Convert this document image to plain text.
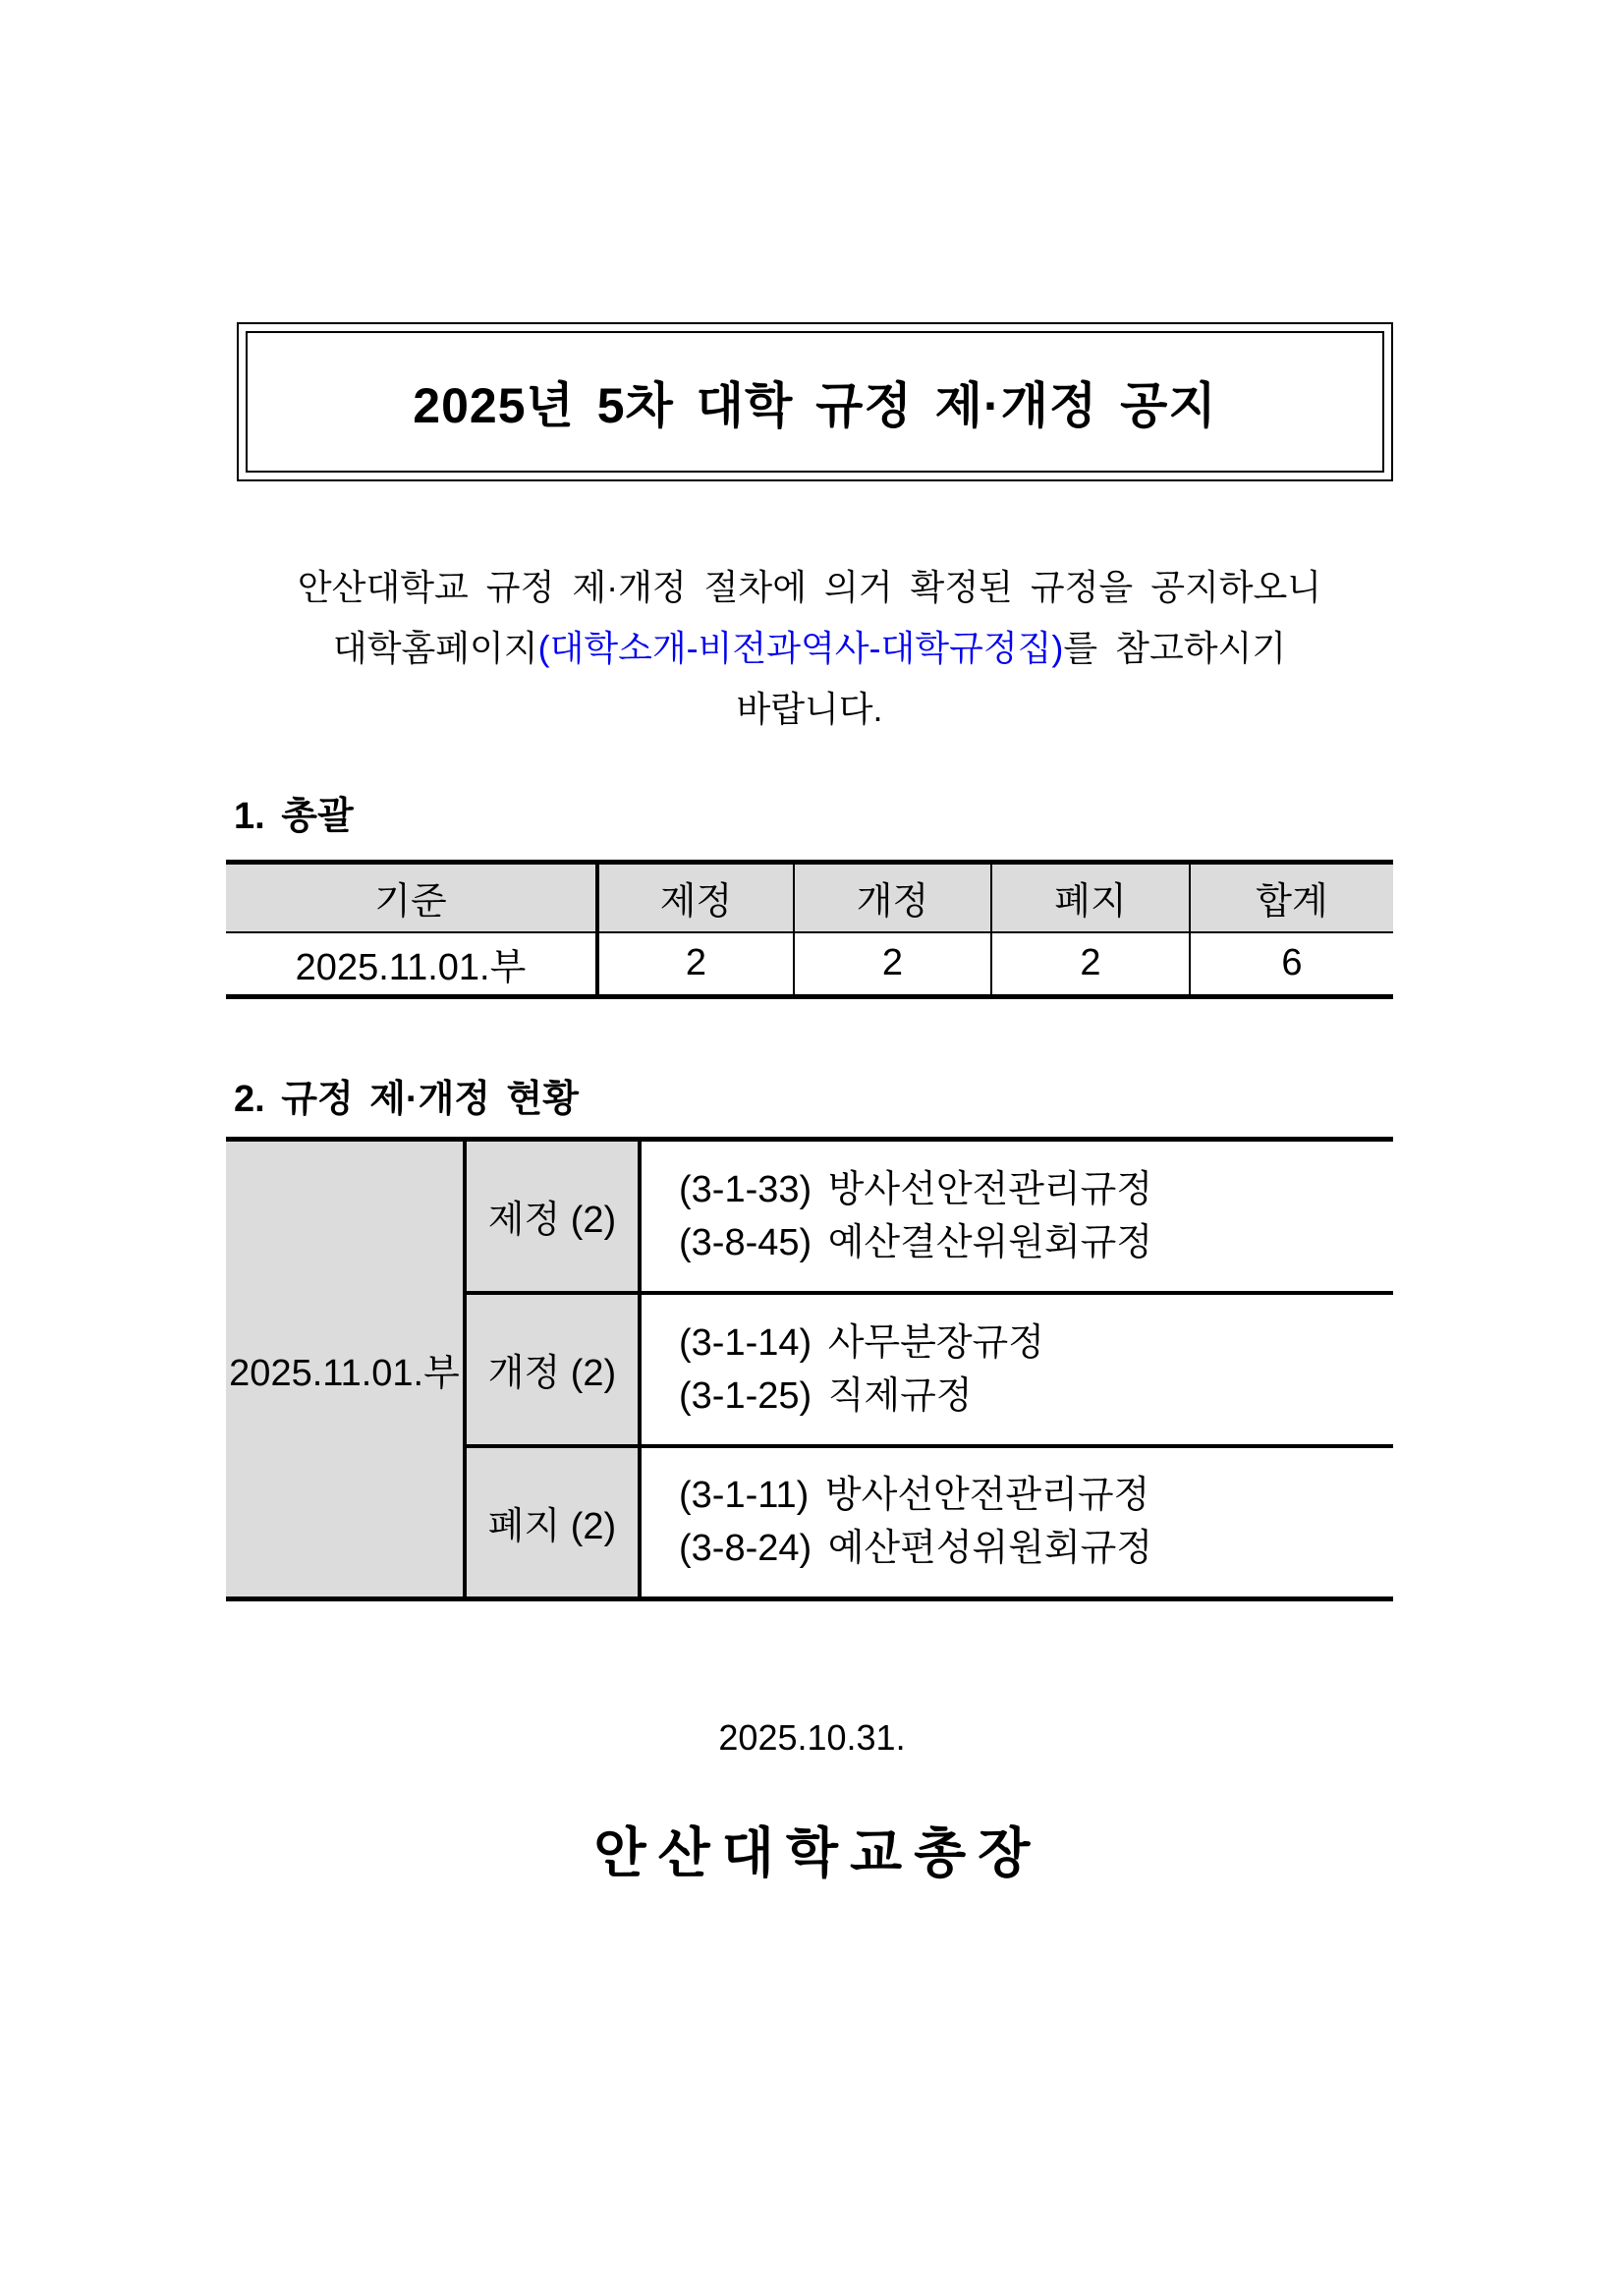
2025년 5차 대학 규정 제·개정 공지
안산대학교 규정 제·개정 절차에 의거 확정된 규정을 공지하오니
대학홈페이지(대학소개-비전과역사-대학규정집)를 참고하시기
바랍니다.
1. 총괄
기준	제정	개정	폐지	합계
2025.11.01.부	2	2	2	6
2. 규정 제·개정 현황
2025.11.01.부	제정 (2)	(3-1-33) 방사선안전관리규정
(3-8-45) 예산결산위원회규정

	개정 (2)	(3-1-14) 사무분장규정
(3-1-25) 직제규정

	폐지 (2)	(3-1-11) 방사선안전관리규정
(3-8-24) 예산편성위원회규정
2025.10.31.
안산대학교총장
